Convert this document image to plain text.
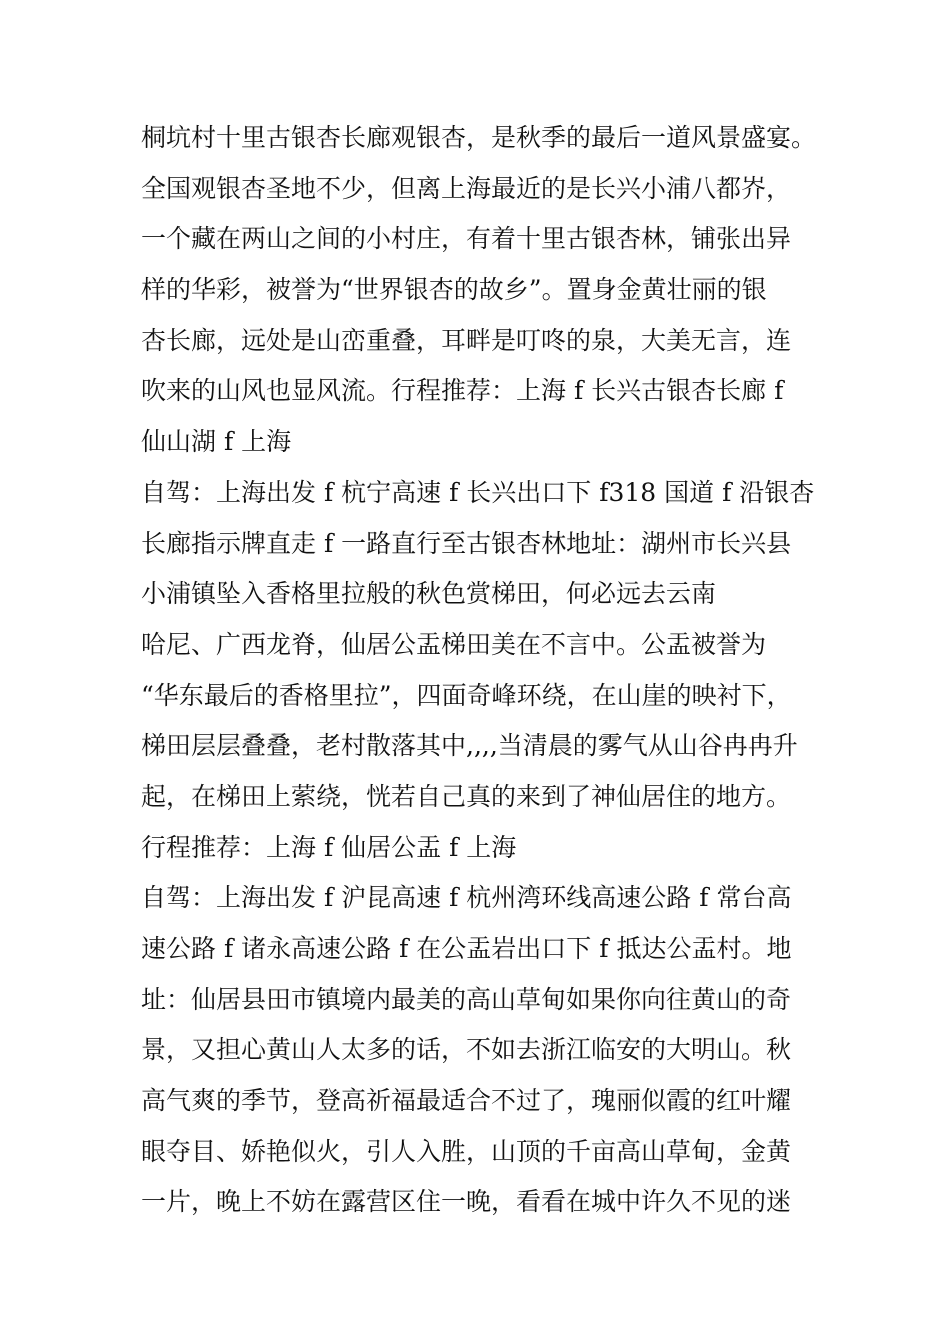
桐坑村十里古银杏长廊观银杏，是秋季的最后一道风景盛宴。
全国观银杏圣地不少，但离上海最近的是长兴小浦八都岕，
一个藏在两山之间的小村庄，有着十里古银杏林，铺张出异
样的华彩，被誉为“世界银杏的故乡”。置身金黄壮丽的银
杏长廊，远处是山峦重叠，耳畔是叮咚的泉，大美无言，连
吹来的山风也显风流。行程推荐：上海 f 长兴古银杏长廊 f
仙山湖 f 上海
自驾：上海出发 f 杭宁高速 f 长兴出口下 f318 国道 f 沿银杏
长廊指示牌直走 f 一路直行至古银杏林地址：湖州市长兴县
小浦镇坠入香格里拉般的秋色赏梯田，何必远去云南
哈尼、广西龙脊，仙居公盂梯田美在不言中。公盂被誉为
“华东最后的香格里拉”，四面奇峰环绕，在山崖的映衬下，
梯田层层叠叠，老村散落其中,,,,当清晨的雾气从山谷冉冉升
起，在梯田上萦绕，恍若自己真的来到了神仙居住的地方。
行程推荐：上海 f 仙居公盂 f 上海
自驾：上海出发 f 沪昆高速 f 杭州湾环线高速公路 f 常台高
速公路 f 诸永高速公路 f 在公盂岩出口下 f 抵达公盂村。地
址：仙居县田市镇境内最美的高山草甸如果你向往黄山的奇
景，又担心黄山人太多的话，不如去浙江临安的大明山。秋
高气爽的季节，登高祈福最适合不过了，瑰丽似霞的红叶耀
眼夺目、娇艳似火，引人入胜，山顶的千亩高山草甸，金黄
一片，晚上不妨在露营区住一晚，看看在城中许久不见的迷
